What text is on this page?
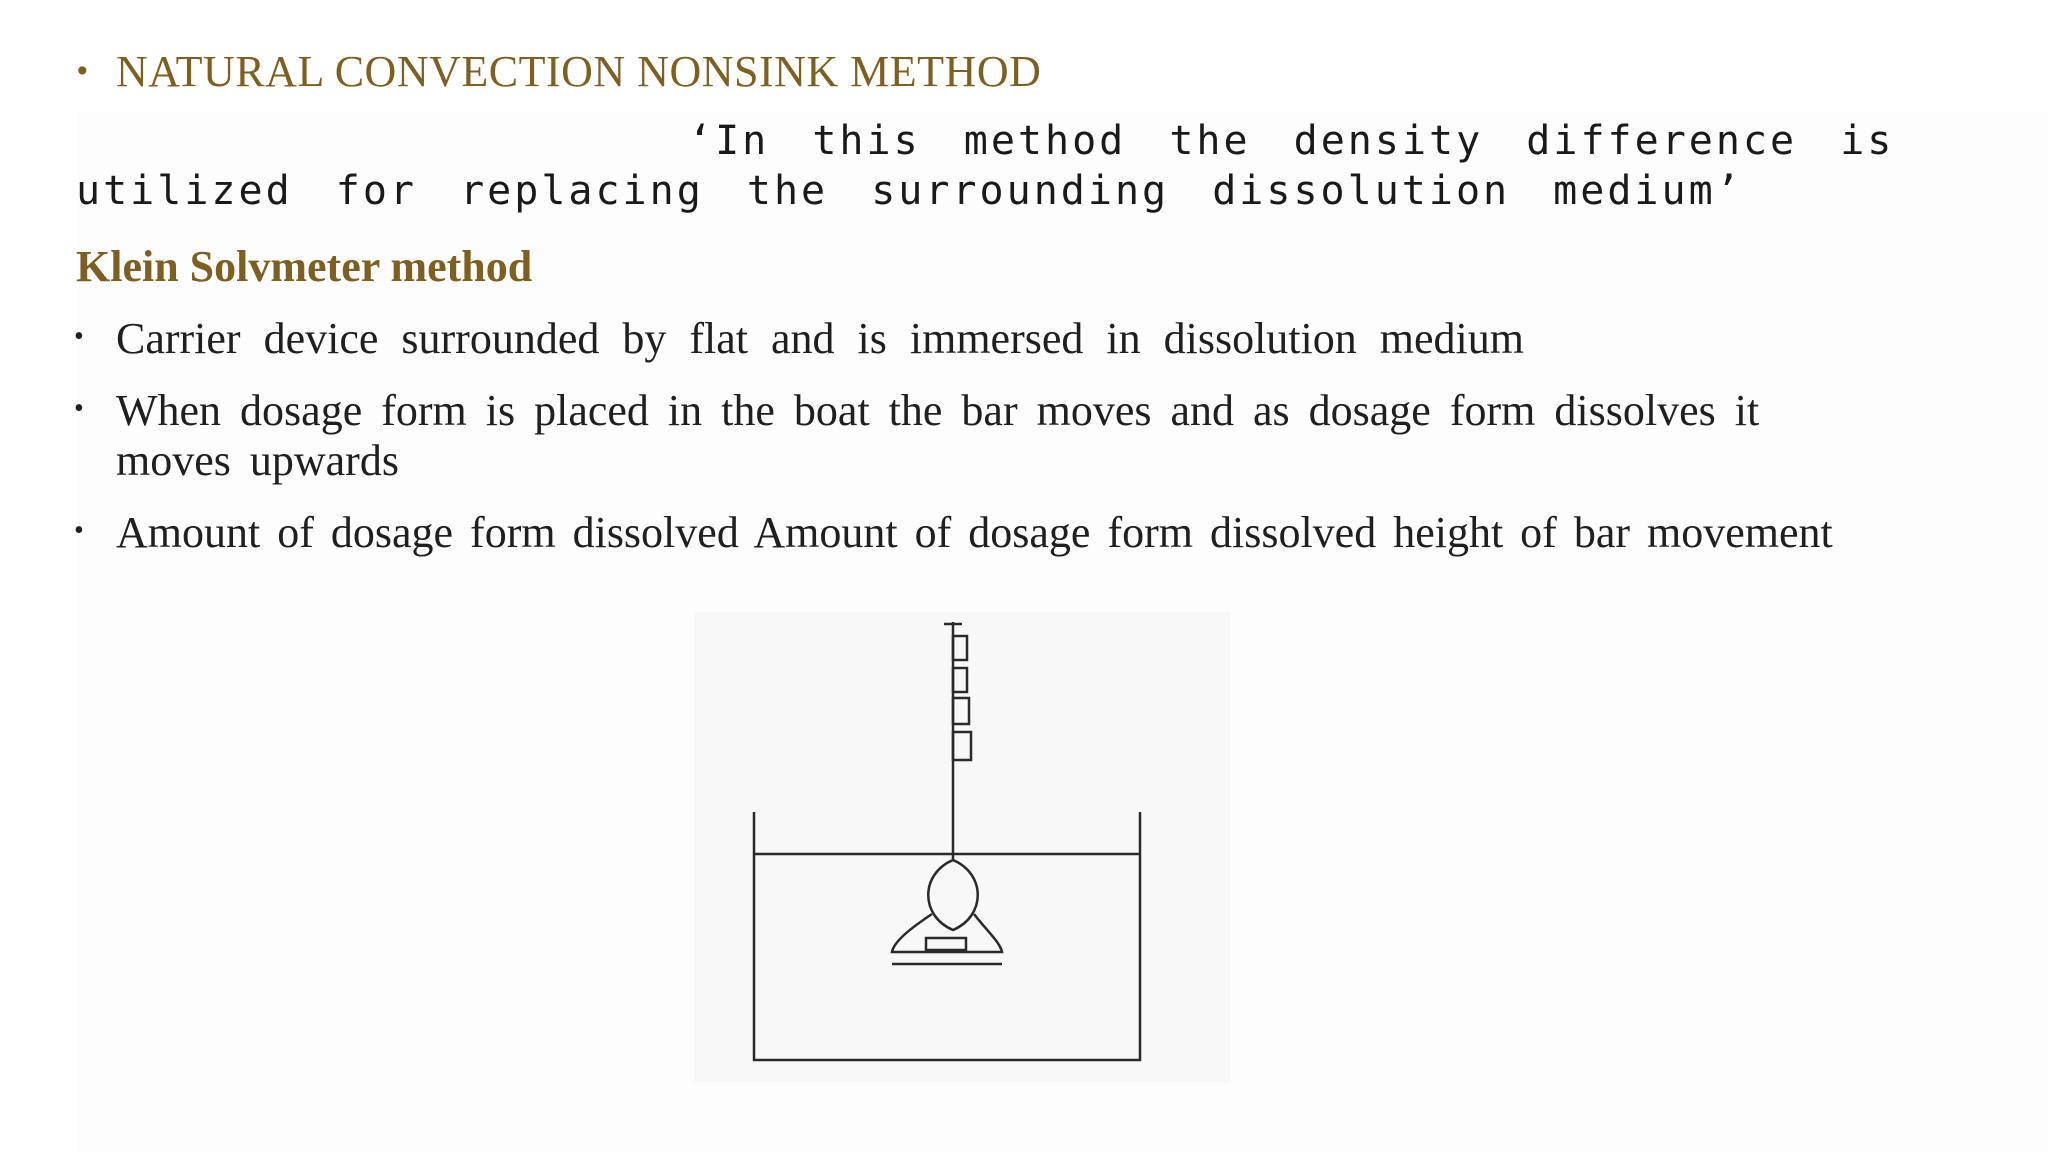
• NATURAL CONVECTION NONSINK METHOD
‘In this method the density difference is
utilized for replacing the surrounding dissolution medium’
Klein Solvmeter method
• Carrier device surrounded by flat and is immersed in dissolution medium
• When dosage form is placed in the boat the bar moves and as dosage form dissolves it moves upwards
• Amount of dosage form dissolved Amount of dosage form dissolved height of bar movement
